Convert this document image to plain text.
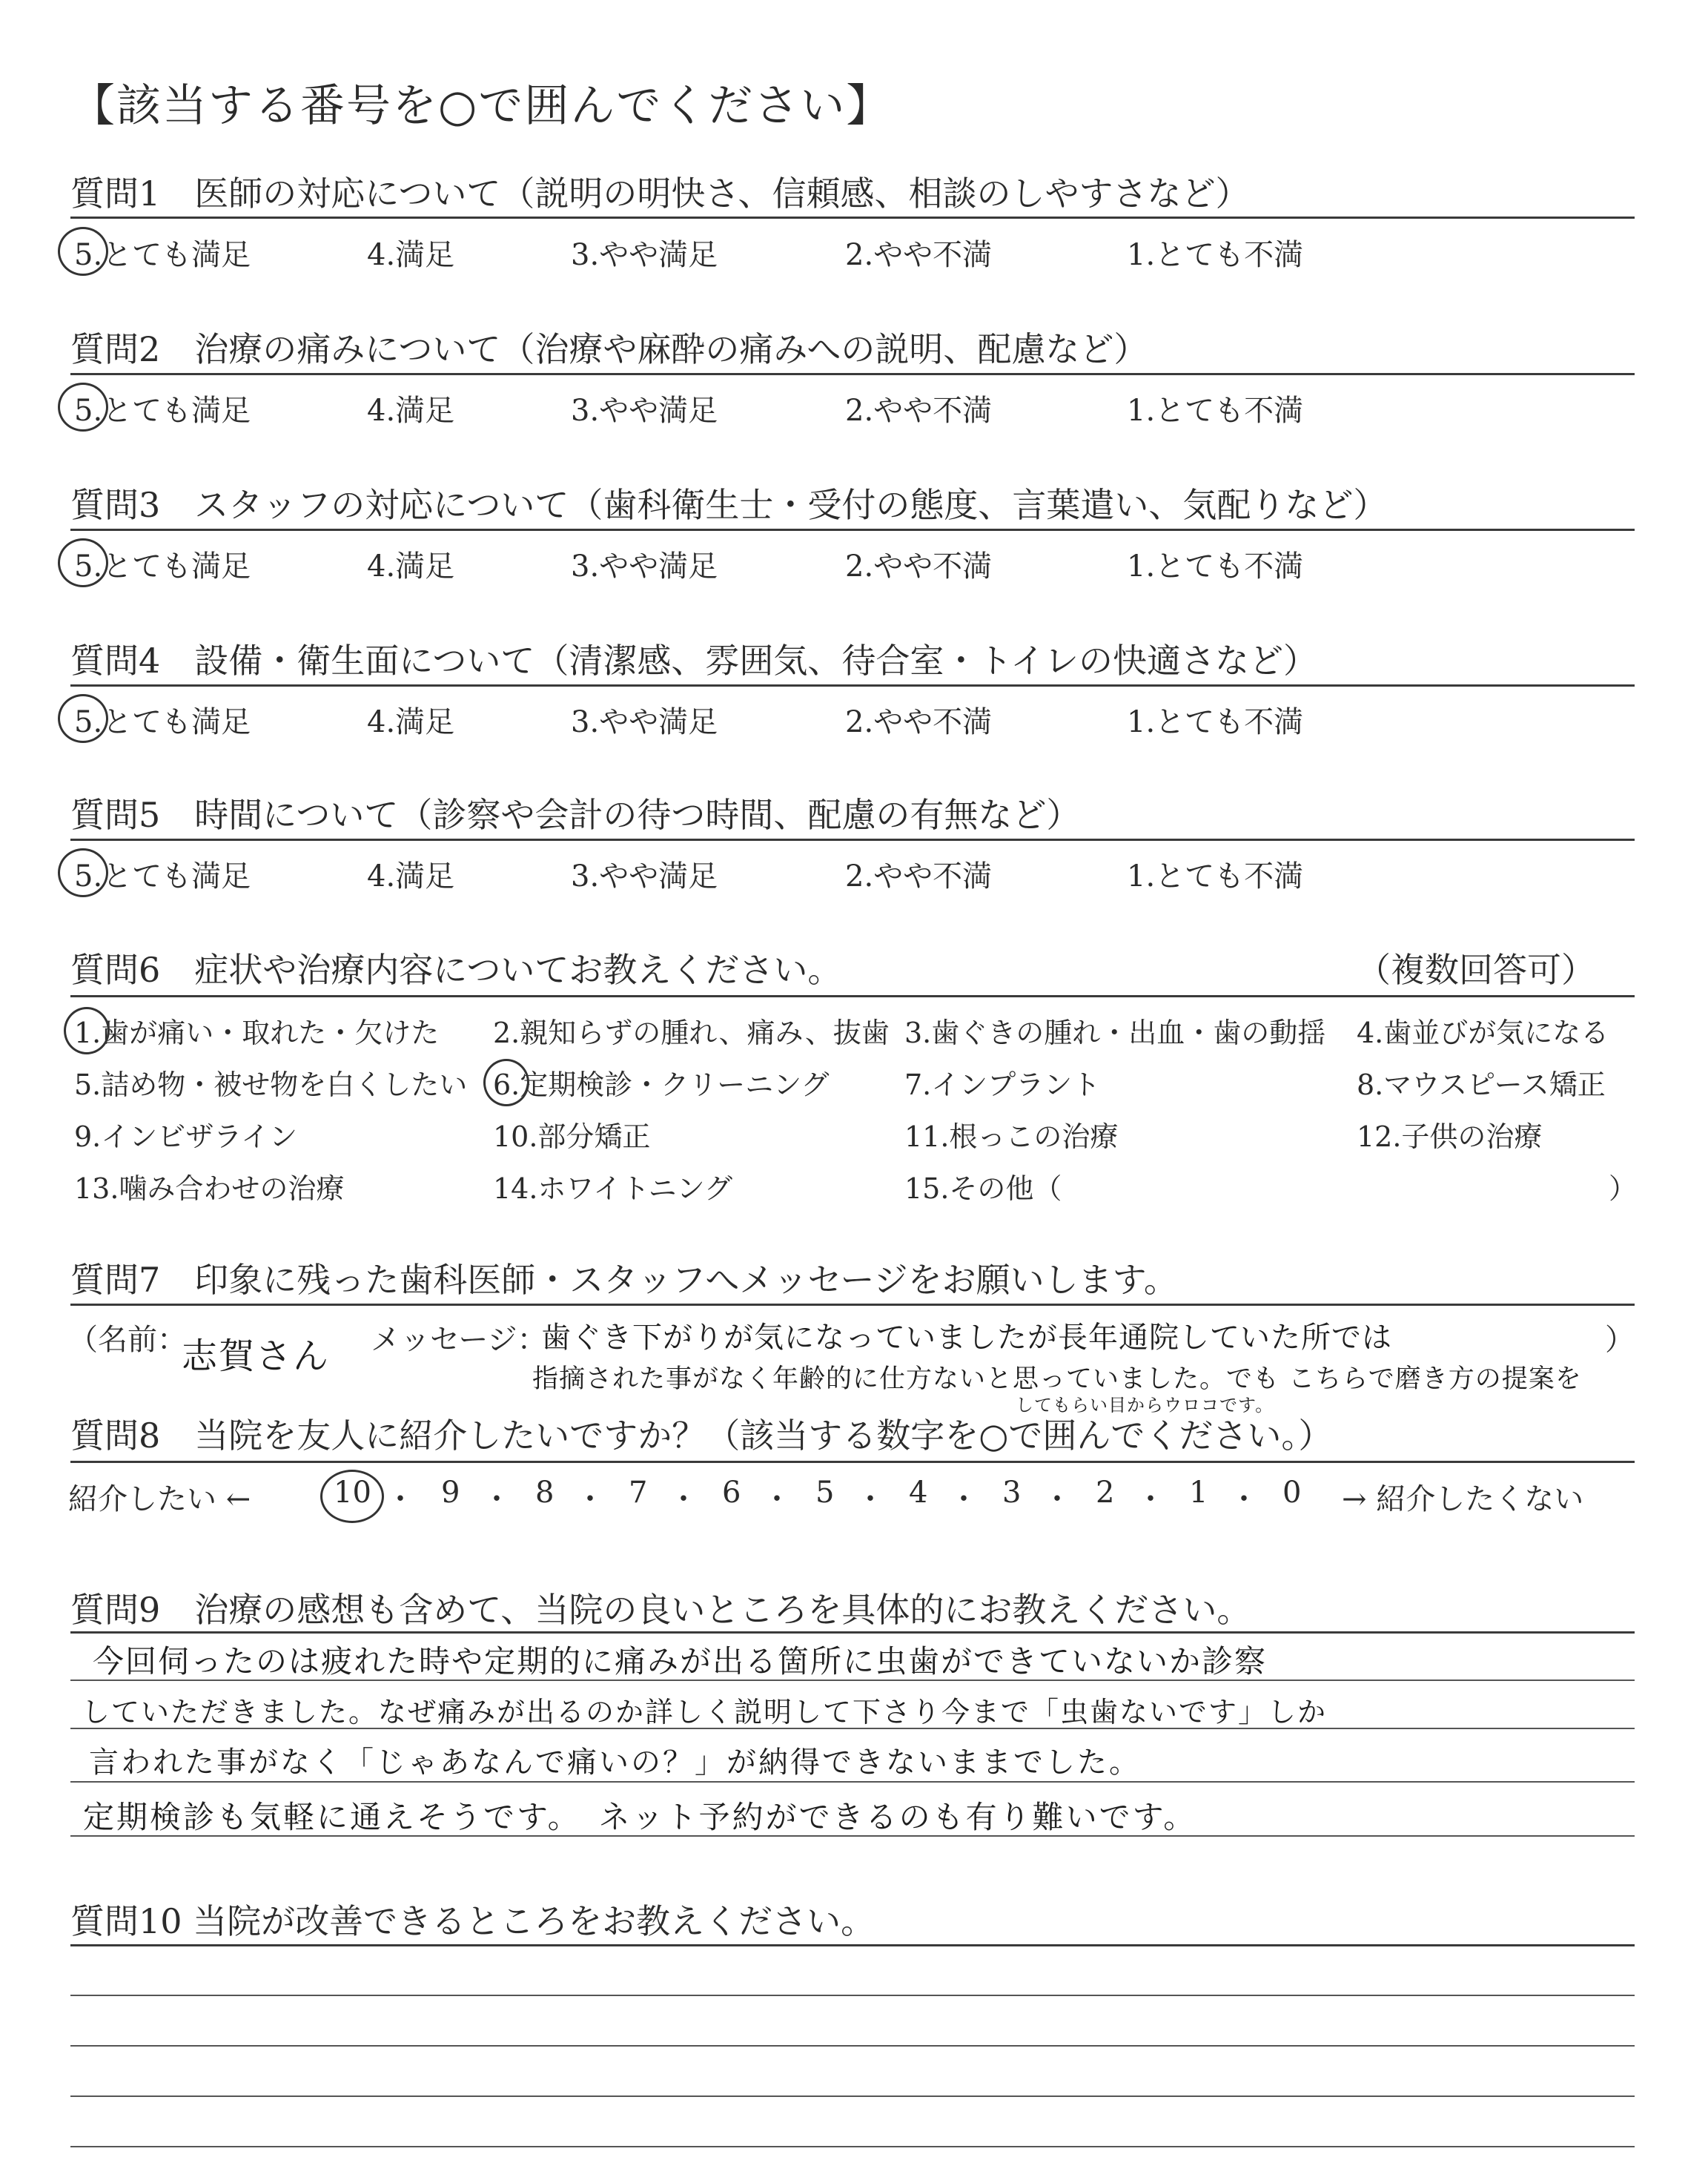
【該当する番号を○で囲んでください】
質問1　医師の対応について（説明の明快さ、信頼感、相談のしやすさなど）
5.とても満足	4.満足	3.やや満足	2.やや不満	1.とても不満
質問2　治療の痛みについて（治療や麻酔の痛みへの説明、配慮など）
5.とても満足	4.満足	3.やや満足	2.やや不満	1.とても不満
質問3　スタッフの対応について（歯科衛生士・受付の態度、言葉遣い、気配りなど）
5.とても満足	4.満足	3.やや満足	2.やや不満	1.とても不満
質問4　設備・衛生面について（清潔感、雰囲気、待合室・トイレの快適さなど）
5.とても満足	4.満足	3.やや満足	2.やや不満	1.とても不満
質問5　時間について（診察や会計の待つ時間、配慮の有無など）
5.とても満足	4.満足	3.やや満足	2.やや不満	1.とても不満
質問6　症状や治療内容についてお教えください。	（複数回答可）
1.歯が痛い・取れた・欠けた 2.親知らずの腫れ、痛み、抜歯 3.歯ぐきの腫れ・出血・歯の動揺 4.歯並びが気になる
5.詰め物・被せ物を白くしたい 6.定期検診・クリーニング	7.インプラント	8.マウスピース矯正
9.インビザライン	10.部分矯正	11.根っこの治療	12.子供の治療
13.噛み合わせの治療	14.ホワイトニング	15.その他（	）
質問7　印象に残った歯科医師・スタッフへメッセージをお願いします。
（名前：
志賀さん メッセージ：
歯ぐき下がりが気になっていましたが長年通院していた所では	）
指摘された事がなく年齢的に仕方ないと思っていました。でも こちらで磨き方の提案を
してもらい目からウロコです。
質問8　当院を友人に紹介したいですか？（該当する数字を○で囲んでください。）
紹介したい ←	10 ・ 9 ・ 8 ・ 7 ・ 6 ・ 5 ・ 4 ・ 3 ・ 2 ・ 1 ・ 0 → 紹介したくない
質問9　治療の感想も含めて、当院の良いところを具体的にお教えください。
今回伺ったのは疲れた時や定期的に痛みが出る箇所に虫歯ができていないか診察
していただきました。なぜ痛みが出るのか詳しく説明して下さり今まで「虫歯ないです」しか
言われた事がなく「じゃあなんで痛いの？」が納得できないままでした。
定期検診も気軽に通えそうです。　ネット予約ができるのも有り難いです。
質問10 当院が改善できるところをお教えください。
